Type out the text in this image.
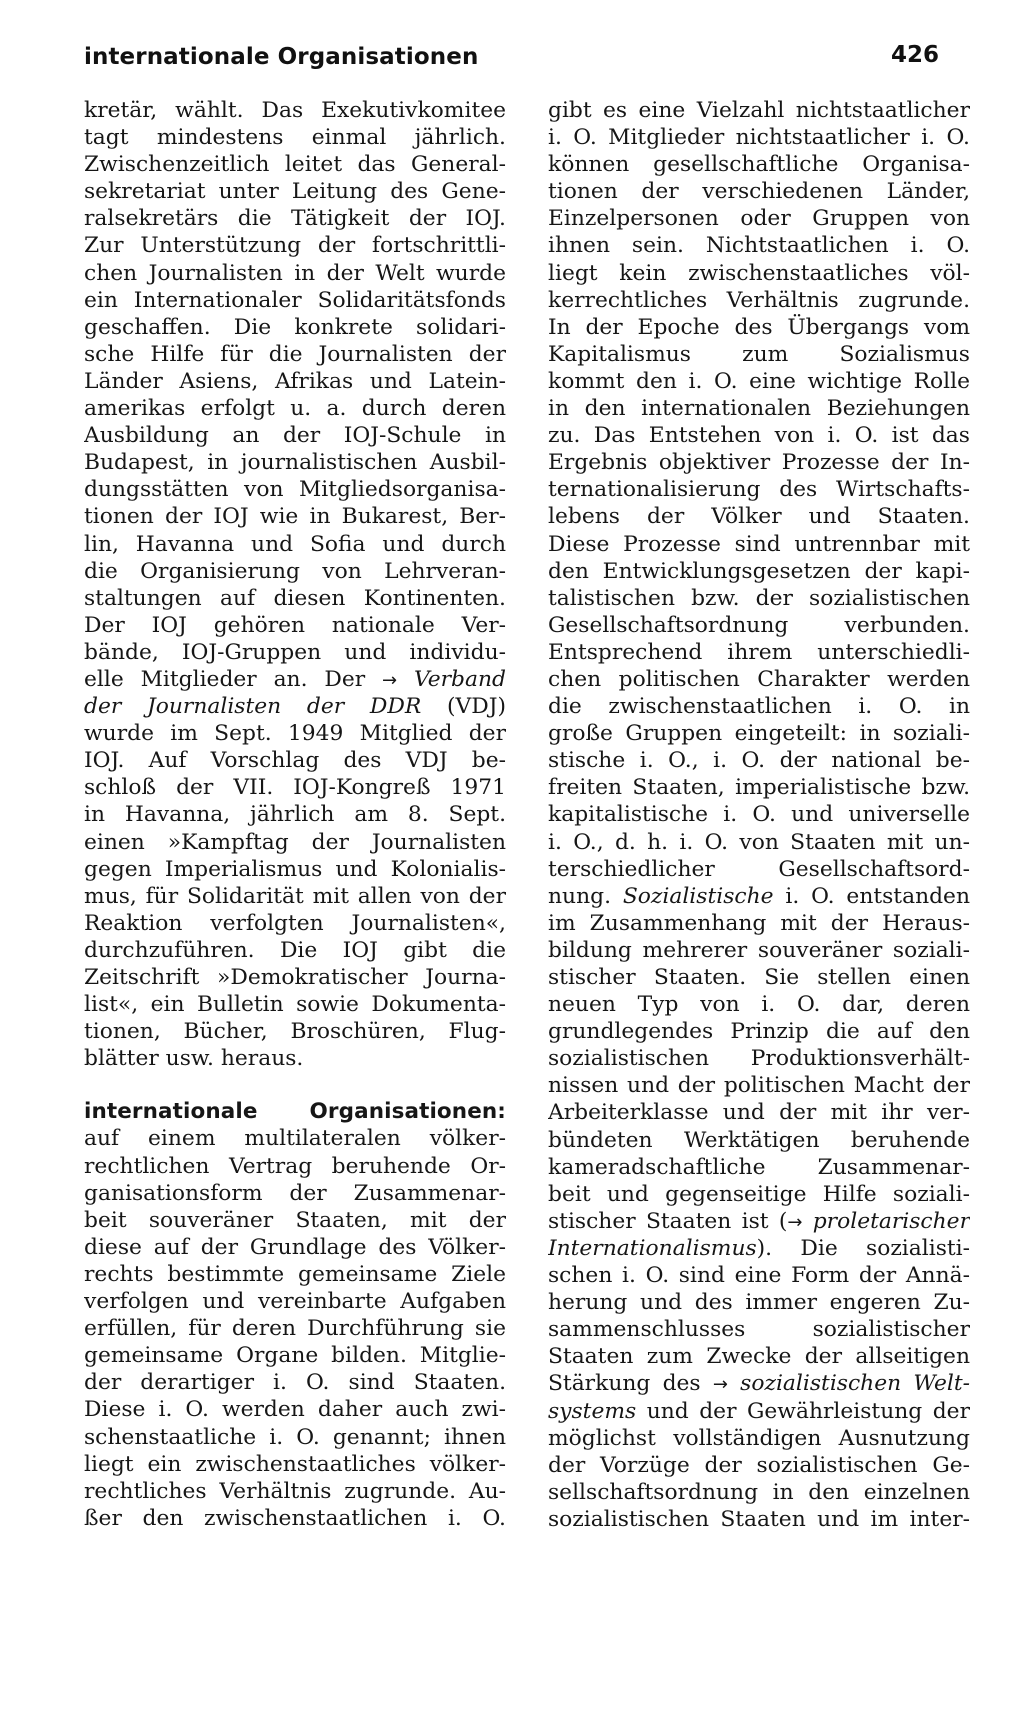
internationale Organisationen	426
kretär, wählt. Das Exekutivkomitee
tagt mindestens einmal jährlich.
Zwischenzeitlich leitet das General-
sekretariat unter Leitung des Gene-
ralsekretärs die Tätigkeit der IOJ.
Zur Unterstützung der fortschrittli-
chen Journalisten in der Welt wurde
ein Internationaler Solidaritätsfonds
geschaffen. Die konkrete solidari-
sche Hilfe für die Journalisten der
Länder Asiens, Afrikas und Latein-
amerikas erfolgt u. a. durch deren
Ausbildung an der IOJ-Schule in
Budapest, in journalistischen Ausbil-
dungsstätten von Mitgliedsorganisa-
tionen der IOJ wie in Bukarest, Ber-
lin, Havanna und Sofia und durch
die Organisierung von Lehrveran-
staltungen auf diesen Kontinenten.
Der IOJ gehören nationale Ver-
bände, IOJ-Gruppen und individu-
elle Mitglieder an. Der → Verband
der Journalisten der DDR (VDJ)
wurde im Sept. 1949 Mitglied der
IOJ. Auf Vorschlag des VDJ be-
schloß der VII. IOJ-Kongreß 1971
in Havanna, jährlich am 8. Sept.
einen »Kampftag der Journalisten
gegen Imperialismus und Kolonialis-
mus, für Solidarität mit allen von der
Reaktion verfolgten Journalisten«,
durchzuführen. Die IOJ gibt die
Zeitschrift »Demokratischer Journa-
list«, ein Bulletin sowie Dokumenta-
tionen, Bücher, Broschüren, Flug-
blätter usw. heraus.
internationale Organisationen:
auf einem multilateralen völker-
rechtlichen Vertrag beruhende Or-
ganisationsform der Zusammenar-
beit souveräner Staaten, mit der
diese auf der Grundlage des Völker-
rechts bestimmte gemeinsame Ziele
verfolgen und vereinbarte Aufgaben
erfüllen, für deren Durchführung sie
gemeinsame Organe bilden. Mitglie-
der derartiger i. O. sind Staaten.
Diese i. O. werden daher auch zwi-
schenstaatliche i. O. genannt; ihnen
liegt ein zwischenstaatliches völker-
rechtliches Verhältnis zugrunde. Au-
ßer den zwischenstaatlichen i. O.
gibt es eine Vielzahl nichtstaatlicher
i. O. Mitglieder nichtstaatlicher i. O.
können gesellschaftliche Organisa-
tionen der verschiedenen Länder,
Einzelpersonen oder Gruppen von
ihnen sein. Nichtstaatlichen i. O.
liegt kein zwischenstaatliches völ-
kerrechtliches Verhältnis zugrunde.
In der Epoche des Übergangs vom
Kapitalismus zum Sozialismus
kommt den i. O. eine wichtige Rolle
in den internationalen Beziehungen
zu. Das Entstehen von i. O. ist das
Ergebnis objektiver Prozesse der In-
ternationalisierung des Wirtschafts-
lebens der Völker und Staaten.
Diese Prozesse sind untrennbar mit
den Entwicklungsgesetzen der kapi-
talistischen bzw. der sozialistischen
Gesellschaftsordnung verbunden.
Entsprechend ihrem unterschiedli-
chen politischen Charakter werden
die zwischenstaatlichen i. O. in
große Gruppen eingeteilt: in soziali-
stische i. O., i. O. der national be-
freiten Staaten, imperialistische bzw.
kapitalistische i. O. und universelle
i. O., d. h. i. O. von Staaten mit un-
terschiedlicher Gesellschaftsord-
nung. Sozialistische i. O. entstanden
im Zusammenhang mit der Heraus-
bildung mehrerer souveräner soziali-
stischer Staaten. Sie stellen einen
neuen Typ von i. O. dar, deren
grundlegendes Prinzip die auf den
sozialistischen Produktionsverhält-
nissen und der politischen Macht der
Arbeiterklasse und der mit ihr ver-
bündeten Werktätigen beruhende
kameradschaftliche Zusammenar-
beit und gegenseitige Hilfe soziali-
stischer Staaten ist (→ proletarischer
Internationalismus). Die sozialisti-
schen i. O. sind eine Form der Annä-
herung und des immer engeren Zu-
sammenschlusses sozialistischer
Staaten zum Zwecke der allseitigen
Stärkung des → sozialistischen Welt-
systems und der Gewährleistung der
möglichst vollständigen Ausnutzung
der Vorzüge der sozialistischen Ge-
sellschaftsordnung in den einzelnen
sozialistischen Staaten und im inter-
